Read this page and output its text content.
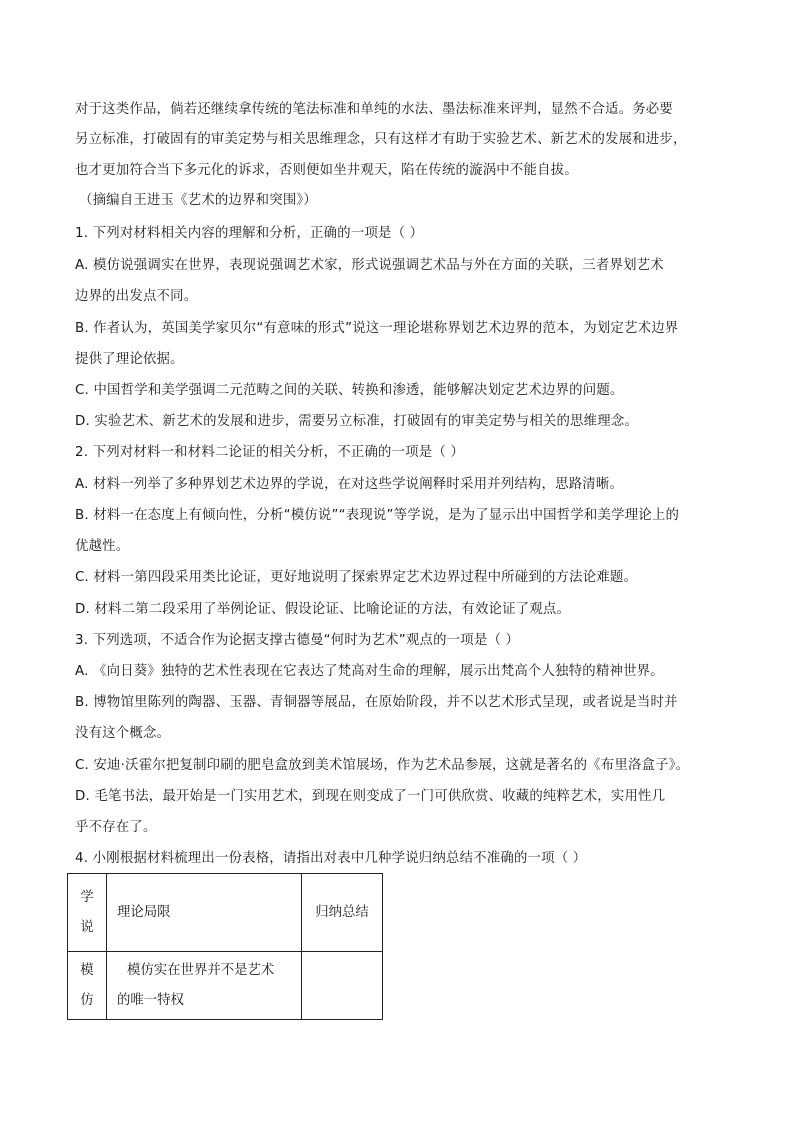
对于这类作品，倘若还继续拿传统的笔法标准和单纯的水法、墨法标准来评判，显然不合适。务必要
另立标准，打破固有的审美定势与相关思维理念，只有这样才有助于实验艺术、新艺术的发展和进步，
也才更加符合当下多元化的诉求，否则便如坐井观天，陷在传统的漩涡中不能自拔。
（摘编自王进玉《艺术的边界和突围》）
1. 下列对材料相关内容的理解和分析，正确的一项是（ ）
A. 模仿说强调实在世界，表现说强调艺术家，形式说强调艺术品与外在方面的关联，三者界划艺术
边界的出发点不同。
B. 作者认为，英国美学家贝尔“有意味的形式”说这一理论堪称界划艺术边界的范本，为划定艺术边界
提供了理论依据。
C. 中国哲学和美学强调二元范畴之间的关联、转换和渗透，能够解决划定艺术边界的问题。
D. 实验艺术、新艺术的发展和进步，需要另立标准，打破固有的审美定势与相关的思维理念。
2. 下列对材料一和材料二论证的相关分析，不正确的一项是（ ）
A. 材料一列举了多种界划艺术边界的学说，在对这些学说阐释时采用并列结构，思路清晰。
B. 材料一在态度上有倾向性，分析“模仿说”“表现说”等学说，是为了显示出中国哲学和美学理论上的
优越性。
C. 材料一第四段采用类比论证，更好地说明了探索界定艺术边界过程中所碰到的方法论难题。
D. 材料二第二段采用了举例论证、假设论证、比喻论证的方法，有效论证了观点。
3. 下列选项，不适合作为论据支撑古德曼“何时为艺术”观点的一项是（ ）
A. 《向日葵》独特的艺术性表现在它表达了梵高对生命的理解，展示出梵高个人独特的精神世界。
B. 博物馆里陈列的陶器、玉器、青铜器等展品，在原始阶段，并不以艺术形式呈现，或者说是当时并
没有这个概念。
C. 安迪·沃霍尔把复制印刷的肥皂盒放到美术馆展场，作为艺术品参展，这就是著名的《布里洛盒子》。
D. 毛笔书法，最开始是一门实用艺术，到现在则变成了一门可供欣赏、收藏的纯粹艺术，实用性几
乎不存在了。
4. 小刚根据材料梳理出一份表格，请指出对表中几种学说归纳总结不准确的一项（ ）
学
说	理论局限	归纳总结

模
仿	模仿实在世界并不是艺术
的唯一特权	
